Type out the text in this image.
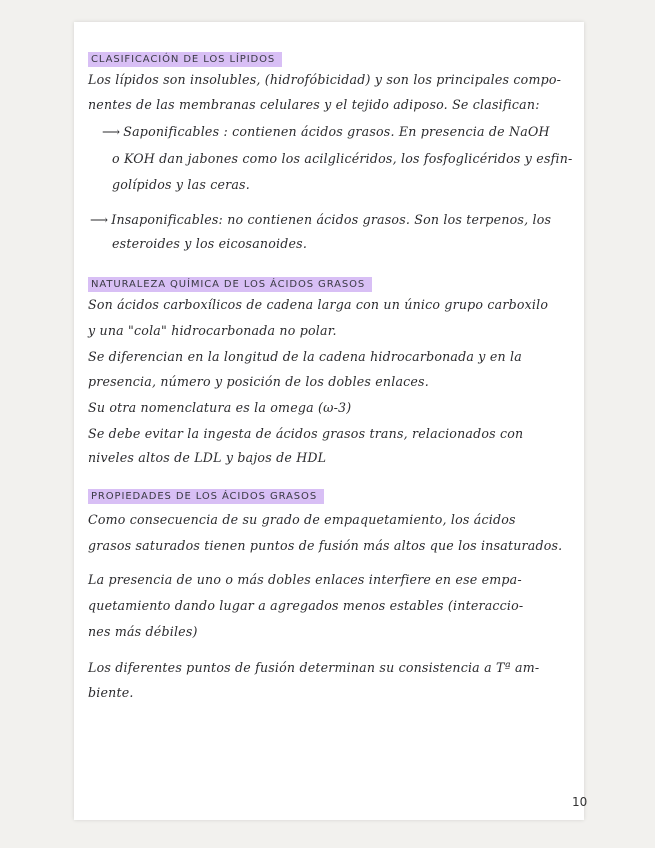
CLASIFICACIÓN DE LOS LÍPIDOS
Los lípidos son insolubles, (hidrofóbicidad) y son los principales compo-
nentes de las membranas celulares y el tejido adiposo. Se clasifican:
⟶ Saponificables : contienen ácidos grasos. En presencia de NaOH
o KOH dan jabones como los acilglicéridos, los fosfoglicéridos y esfin-
golípidos y las ceras.
⟶ Insaponificables: no contienen ácidos grasos. Son los terpenos, los
esteroides y los eicosanoides.
NATURALEZA QUÍMICA DE LOS ÁCIDOS GRASOS
Son ácidos carboxílicos de cadena larga con un único grupo carboxilo
y una "cola" hidrocarbonada no polar.
Se diferencian en la longitud de la cadena hidrocarbonada y en la
presencia, número y posición de los dobles enlaces.
Su otra nomenclatura es la omega (ω-3)
Se debe evitar la ingesta de ácidos grasos trans, relacionados con
niveles altos de LDL y bajos de HDL
PROPIEDADES DE LOS ÁCIDOS GRASOS
Como consecuencia de su grado de empaquetamiento, los ácidos
grasos saturados tienen puntos de fusión más altos que los insaturados.
La presencia de uno o más dobles enlaces interfiere en ese empa-
quetamiento dando lugar a agregados menos estables (interaccio-
nes más débiles)
Los diferentes puntos de fusión determinan su consistencia a Tª am-
biente.
10
